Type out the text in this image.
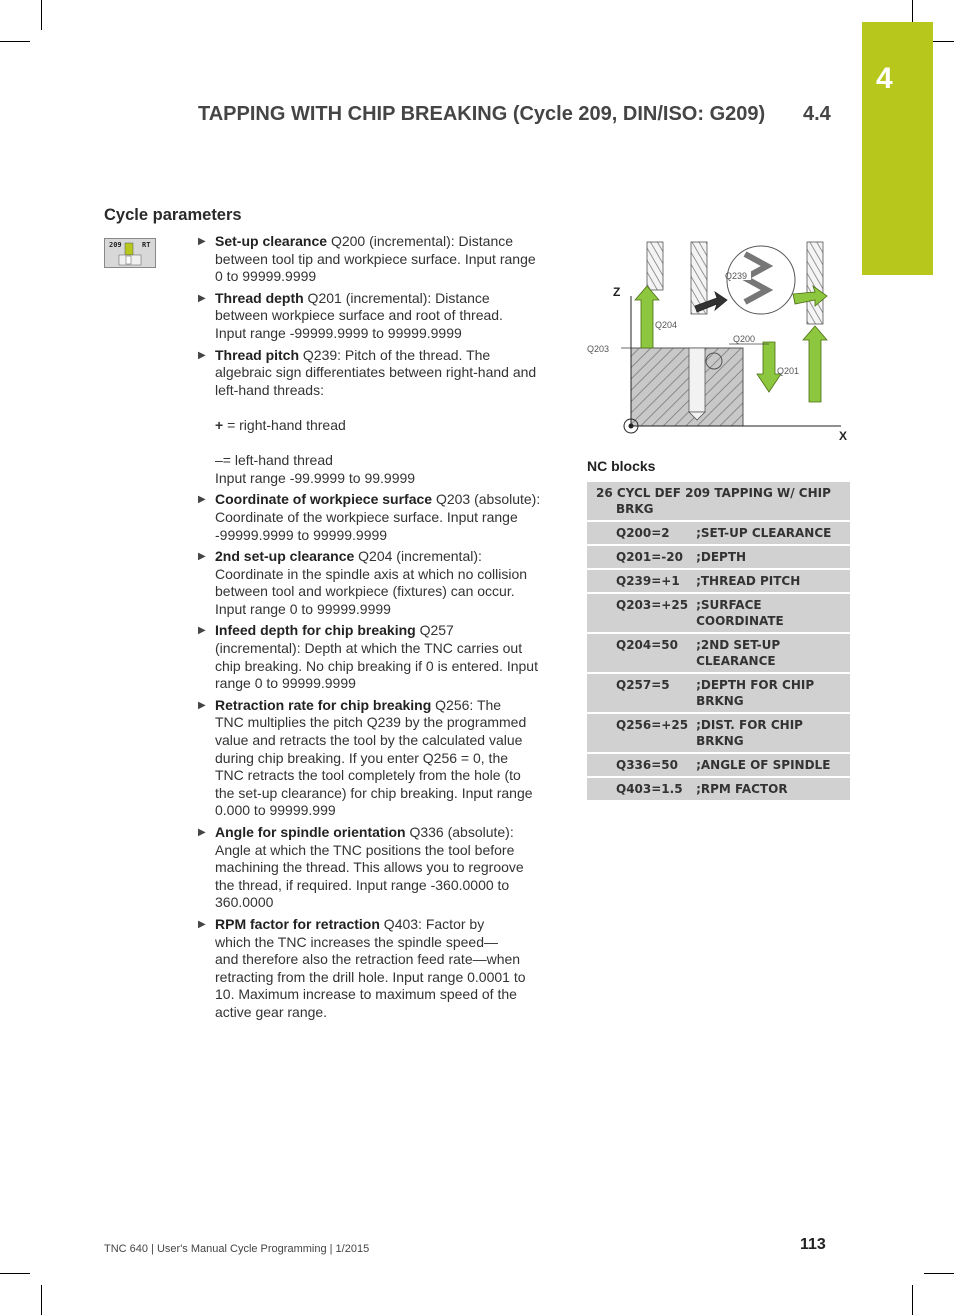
4
TAPPING WITH CHIP BREAKING (Cycle 209, DIN/ISO: G209) 4.4
Cycle parameters
209	RT	▶ Set-up clearance Q200 (incremental): Distance
between tool tip and workpiece surface. Input range
0 to 99999.9999
▶ Thread depth Q201 (incremental): Distance
between workpiece surface and root of thread.
Input range -99999.9999 to 99999.9999
▶ Thread pitch Q239: Pitch of the thread. The
algebraic sign differentiates between right-hand and
left-hand threads:
+ = right-hand thread
–= left-hand thread
Input range -99.9999 to 99.9999
▶ Coordinate of workpiece surface Q203 (absolute):
Coordinate of the workpiece surface. Input range
-99999.9999 to 99999.9999
▶ 2nd set-up clearance Q204 (incremental):
Coordinate in the spindle axis at which no collision
between tool and workpiece (fixtures) can occur.
Input range 0 to 99999.9999
▶ Infeed depth for chip breaking Q257
(incremental): Depth at which the TNC carries out
chip breaking. No chip breaking if 0 is entered. Input
range 0 to 99999.9999
▶ Retraction rate for chip breaking Q256: The
TNC multiplies the pitch Q239 by the programmed
value and retracts the tool by the calculated value
during chip breaking. If you enter Q256 = 0, the
TNC retracts the tool completely from the hole (to
the set-up clearance) for chip breaking. Input range
0.000 to 99999.999
▶ Angle for spindle orientation Q336 (absolute):
Angle at which the TNC positions the tool before
machining the thread. This allows you to regroove
the thread, if required. Input range -360.0000 to
360.0000
▶ RPM factor for retraction Q403: Factor by
which the TNC increases the spindle speed—
and therefore also the retraction feed rate—when
retracting from the drill hole. Input range 0.0001 to
10. Maximum increase to maximum speed of the
active gear range.
Z
X
Q203
Q239
Q204
Q200
Q201
NC blocks
26 CYCL DEF 209 TAPPING W/ CHIP
BRKG	

Q200=2	;SET-UP CLEARANCE
Q201=-20	;DEPTH
Q239=+1	;THREAD PITCH
Q203=+25	;SURFACE COORDINATE
Q204=50	;2ND SET-UP CLEARANCE
Q257=5	;DEPTH FOR CHIP BRKNG
Q256=+25	;DIST. FOR CHIP BRKNG
Q336=50	;ANGLE OF SPINDLE
Q403=1.5	;RPM FACTOR
TNC 640 | User's Manual Cycle Programming | 1/2015	113
